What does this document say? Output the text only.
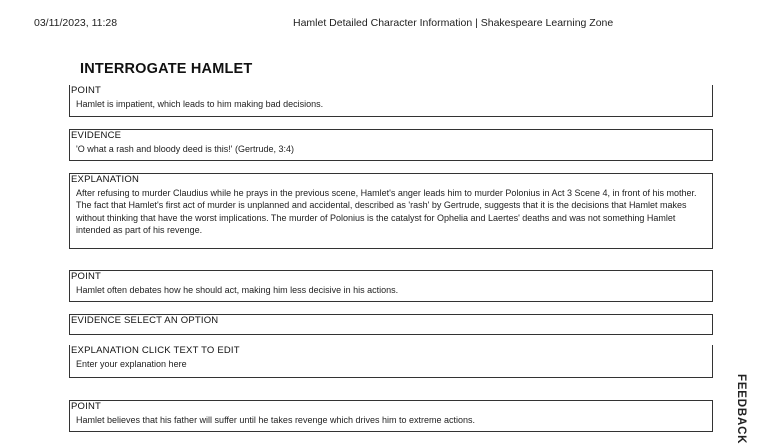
03/11/2023, 11:28	Hamlet Detailed Character Information | Shakespeare Learning Zone
INTERROGATE HAMLET
POINT
Hamlet is impatient, which leads to him making bad decisions.
EVIDENCE
'O what a rash and bloody deed is this!' (Gertrude, 3:4)
EXPLANATION
After refusing to murder Claudius while he prays in the previous scene, Hamlet's anger leads him to murder Polonius in Act 3 Scene 4, in front of his mother. The fact that Hamlet's first act of murder is unplanned and accidental, described as 'rash' by Gertrude, suggests that it is the decisions that Hamlet makes without thinking that have the worst implications. The murder of Polonius is the catalyst for Ophelia and Laertes' deaths and was not something Hamlet intended as part of his revenge.
POINT
Hamlet often debates how he should act, making him less decisive in his actions.
EVIDENCE SELECT AN OPTION
EXPLANATION CLICK TEXT TO EDIT
Enter your explanation here
POINT
Hamlet believes that his father will suffer until he takes revenge which drives him to extreme actions.	FEEDBACK
